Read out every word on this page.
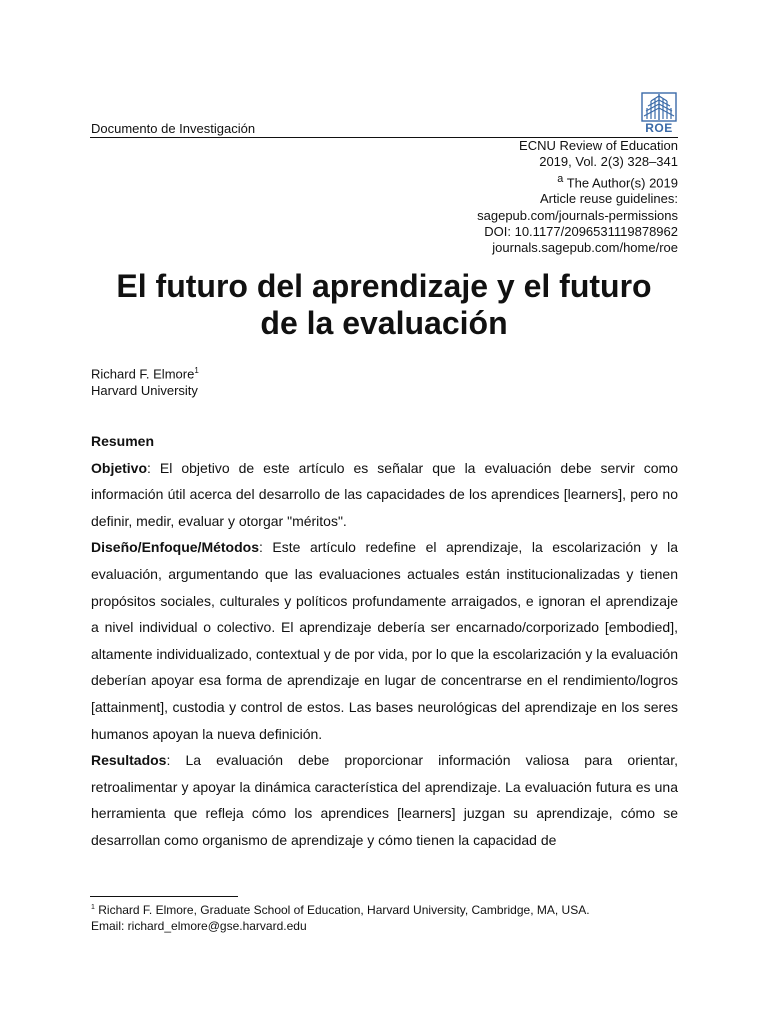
ROE
Documento de Investigación
ECNU Review of Education
2019, Vol. 2(3) 328–341
$^a$ The Author(s) 2019
Article reuse guidelines:
sagepub.com/journals-permissions
DOI: 10.1177/2096531119878962
journals.sagepub.com/home/roe
El futuro del aprendizaje y el futuro
de la evaluación
Richard F. Elmore$^1$
Harvard University

Resumen

Objetivo: El objetivo de este artículo es señalar que la evaluación debe servir como información útil acerca del desarrollo de las capacidades de los aprendices [learners], pero no definir, medir, evaluar y otorgar "méritos".

Diseño/Enfoque/Métodos: Este artículo redefine el aprendizaje, la escolarización y la evaluación, argumentando que las evaluaciones actuales están institucionalizadas y tienen propósitos sociales, culturales y políticos profundamente arraigados, e ignoran el aprendizaje a nivel individual o colectivo. El aprendizaje debería ser encarnado/corporizado [embodied], altamente individualizado, contextual y de por vida, por lo que la escolarización y la evaluación deberían apoyar esa forma de aprendizaje en lugar de concentrarse en el rendimiento/logros [attainment], custodia y control de estos. Las bases neurológicas del aprendizaje en los seres humanos apoyan la nueva definición.

Resultados: La evaluación debe proporcionar información valiosa para orientar, retroalimentar y apoyar la dinámica característica del aprendizaje. La evaluación futura es una herramienta que refleja cómo los aprendices [learners] juzgan su aprendizaje, cómo se desarrollan como organismo de aprendizaje y cómo tienen la capacidad de

$^1$ Richard F. Elmore, Graduate School of Education, Harvard University, Cambridge, MA, USA.
Email: richard_elmore@gse.harvard.edu
